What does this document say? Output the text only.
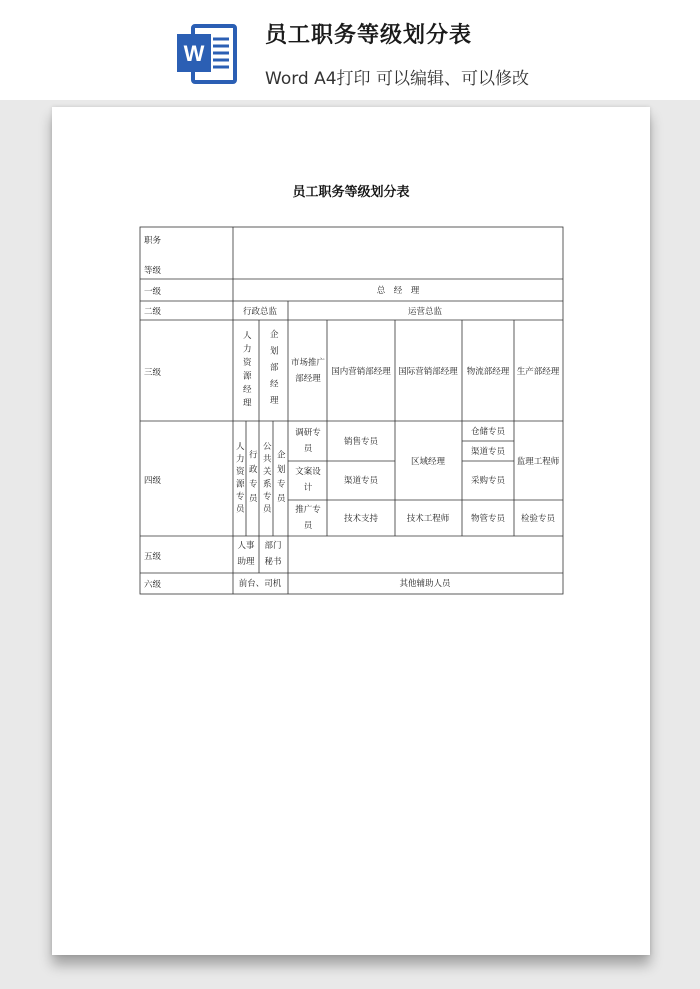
W
员工职务等级划分表
Word A4打印 可以编辑、可以修改
员工职务等级划分表
职务
等级
一级
二级
三级
四级
五级
六级
总　经　理
行政总监	运营总监
人力资源经理 企划部经理 市场推广部经理
国内营销部经理 国际营销部经理 物流部经理 生产部经理
人力资源专员 行政专员 公共关系专员 企划专员
调研专员
文案设计
推广专员
销售专员
渠道专员
技术支持
区域经理
技术工程师
仓储专员
渠道专员
采购专员
物管专员
监理工程师
检验专员
人事助理
部门秘书
前台、司机	其他辅助人员
